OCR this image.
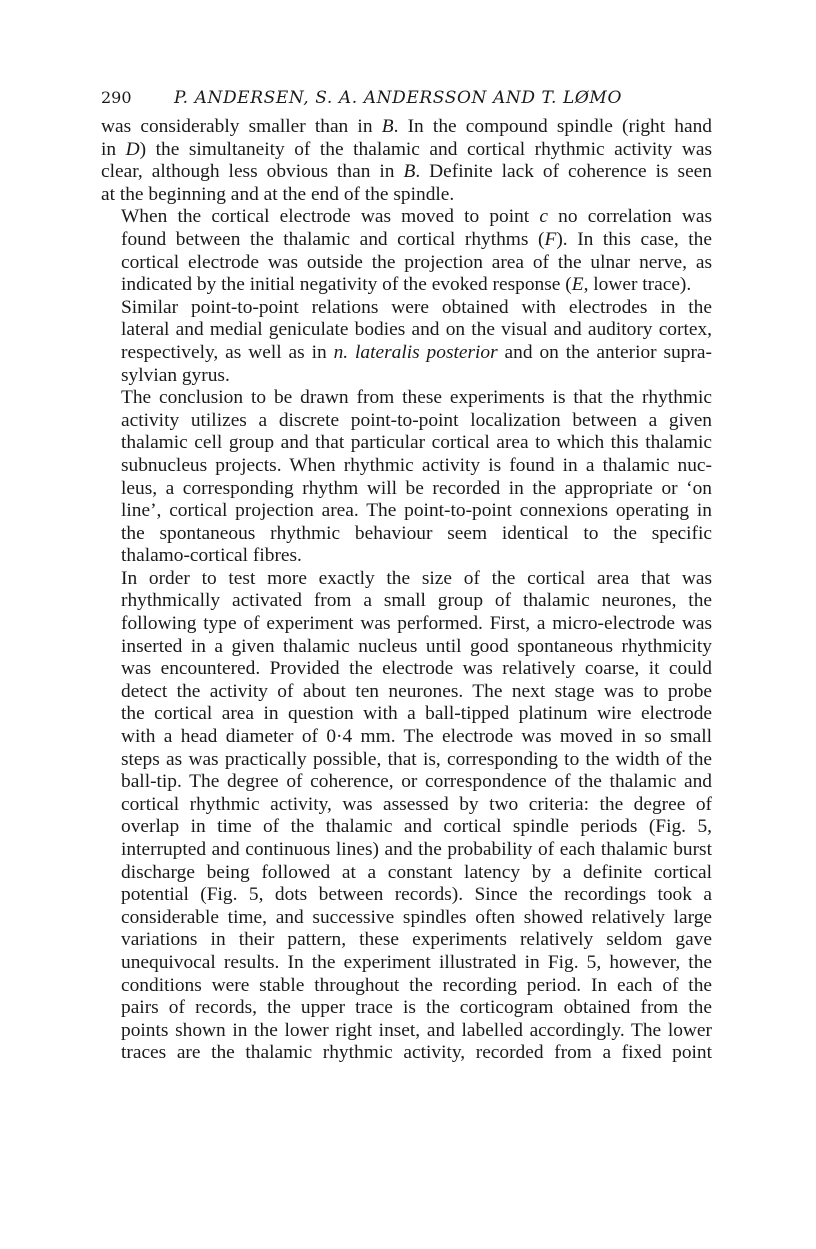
290	P. ANDERSEN, S. A. ANDERSSON AND T. LØMO

was considerably smaller than in B. In the compound spindle (right hand
in D) the simultaneity of the thalamic and cortical rhythmic activity was
clear, although less obvious than in B. Definite lack of coherence is seen
at the beginning and at the end of the spindle.

When the cortical electrode was moved to point c no correlation was
found between the thalamic and cortical rhythms (F). In this case, the
cortical electrode was outside the projection area of the ulnar nerve, as
indicated by the initial negativity of the evoked response (E, lower trace).

Similar point-to-point relations were obtained with electrodes in the
lateral and medial geniculate bodies and on the visual and auditory cortex,
respectively, as well as in n. lateralis posterior and on the anterior supra-
sylvian gyrus.

The conclusion to be drawn from these experiments is that the rhythmic
activity utilizes a discrete point-to-point localization between a given
thalamic cell group and that particular cortical area to which this thalamic
subnucleus projects. When rhythmic activity is found in a thalamic nuc-
leus, a corresponding rhythm will be recorded in the appropriate or ‘on
line’, cortical projection area. The point-to-point connexions operating in
the spontaneous rhythmic behaviour seem identical to the specific
thalamo-cortical fibres.

In order to test more exactly the size of the cortical area that was
rhythmically activated from a small group of thalamic neurones, the
following type of experiment was performed. First, a micro-electrode was
inserted in a given thalamic nucleus until good spontaneous rhythmicity
was encountered. Provided the electrode was relatively coarse, it could
detect the activity of about ten neurones. The next stage was to probe
the cortical area in question with a ball-tipped platinum wire electrode
with a head diameter of 0·4 mm. The electrode was moved in so small
steps as was practically possible, that is, corresponding to the width of the
ball-tip. The degree of coherence, or correspondence of the thalamic and
cortical rhythmic activity, was assessed by two criteria: the degree of
overlap in time of the thalamic and cortical spindle periods (Fig. 5,
interrupted and continuous lines) and the probability of each thalamic burst
discharge being followed at a constant latency by a definite cortical
potential (Fig. 5, dots between records). Since the recordings took a
considerable time, and successive spindles often showed relatively large
variations in their pattern, these experiments relatively seldom gave
unequivocal results. In the experiment illustrated in Fig. 5, however, the
conditions were stable throughout the recording period. In each of the
pairs of records, the upper trace is the corticogram obtained from the
points shown in the lower right inset, and labelled accordingly. The lower
traces are the thalamic rhythmic activity, recorded from a fixed point
